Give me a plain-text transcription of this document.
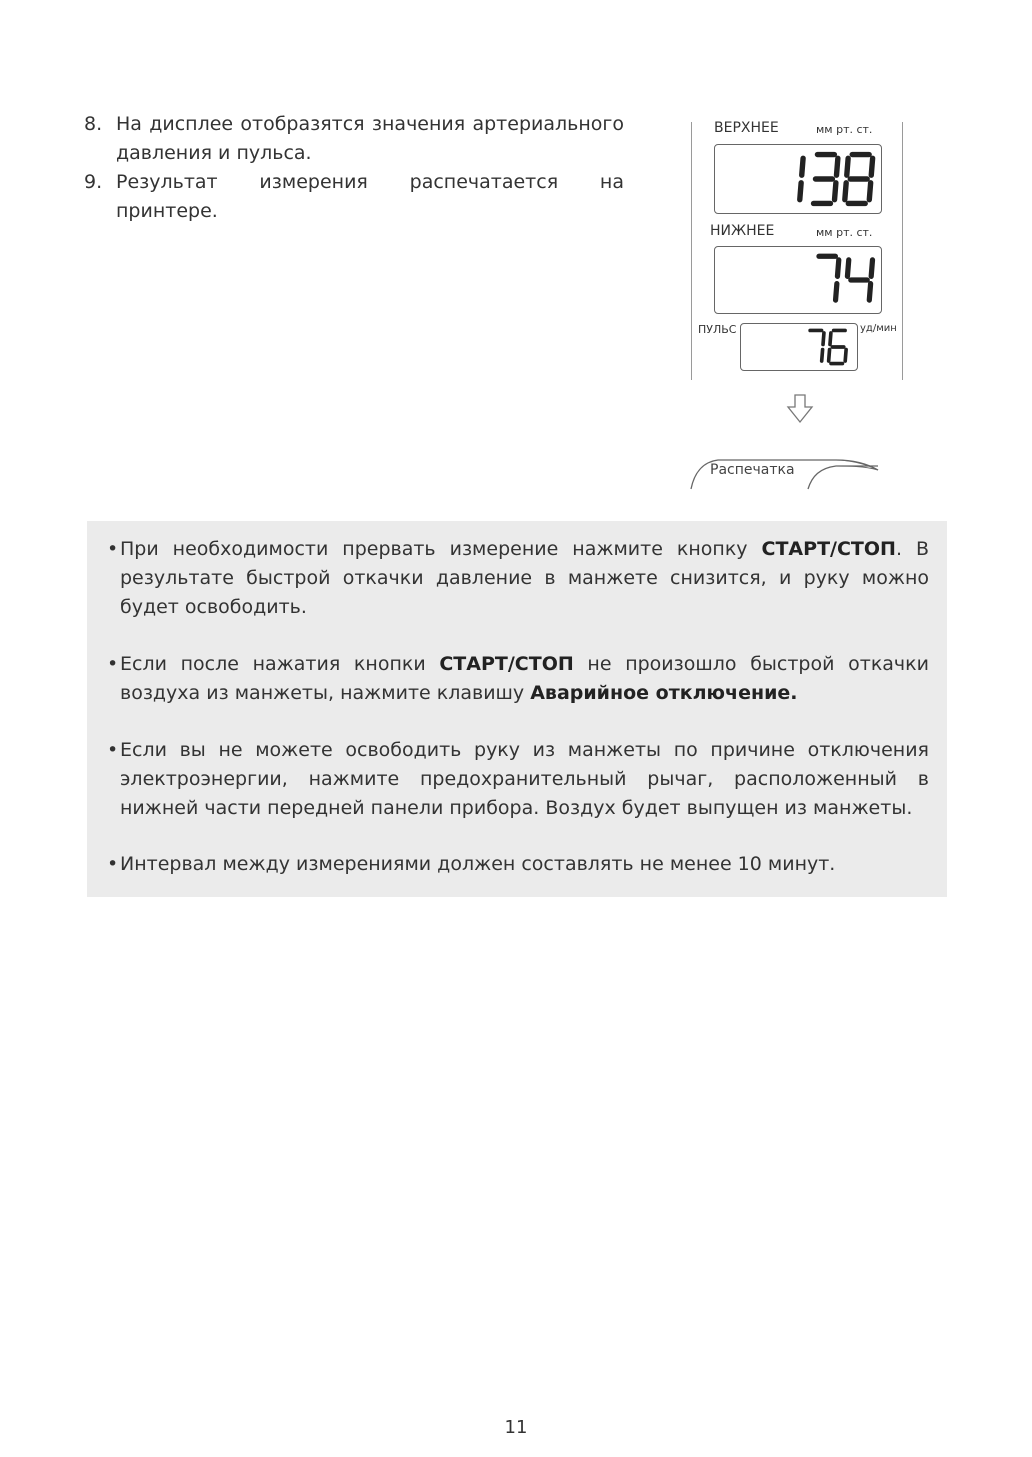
8. На дисплее отобразятся значения артериального давления и пульса.
9. Результат измерения распечатается на принтере.
ВЕРХНЕЕ	мм рт. ст.
НИЖНЕЕ	мм рт. ст.
ПУЛЬС	уд/мин
Распечатка
• При необходимости прервать измерение нажмите кнопку СТАРТ/СТОП. В результате быстрой откачки давление в манжете снизится, и руку можно будет освободить.
• Если после нажатия кнопки СТАРТ/СТОП не произошло быстрой откачки воздуха из манжеты, нажмите клавишу Аварийное отключение.
• Если вы не можете освободить руку из манжеты по причине отключения электроэнергии, нажмите предохранительный рычаг, расположенный в нижней части передней панели прибора. Воздух будет выпущен из манжеты.
• Интервал между измерениями должен составлять не менее 10 минут.
11
